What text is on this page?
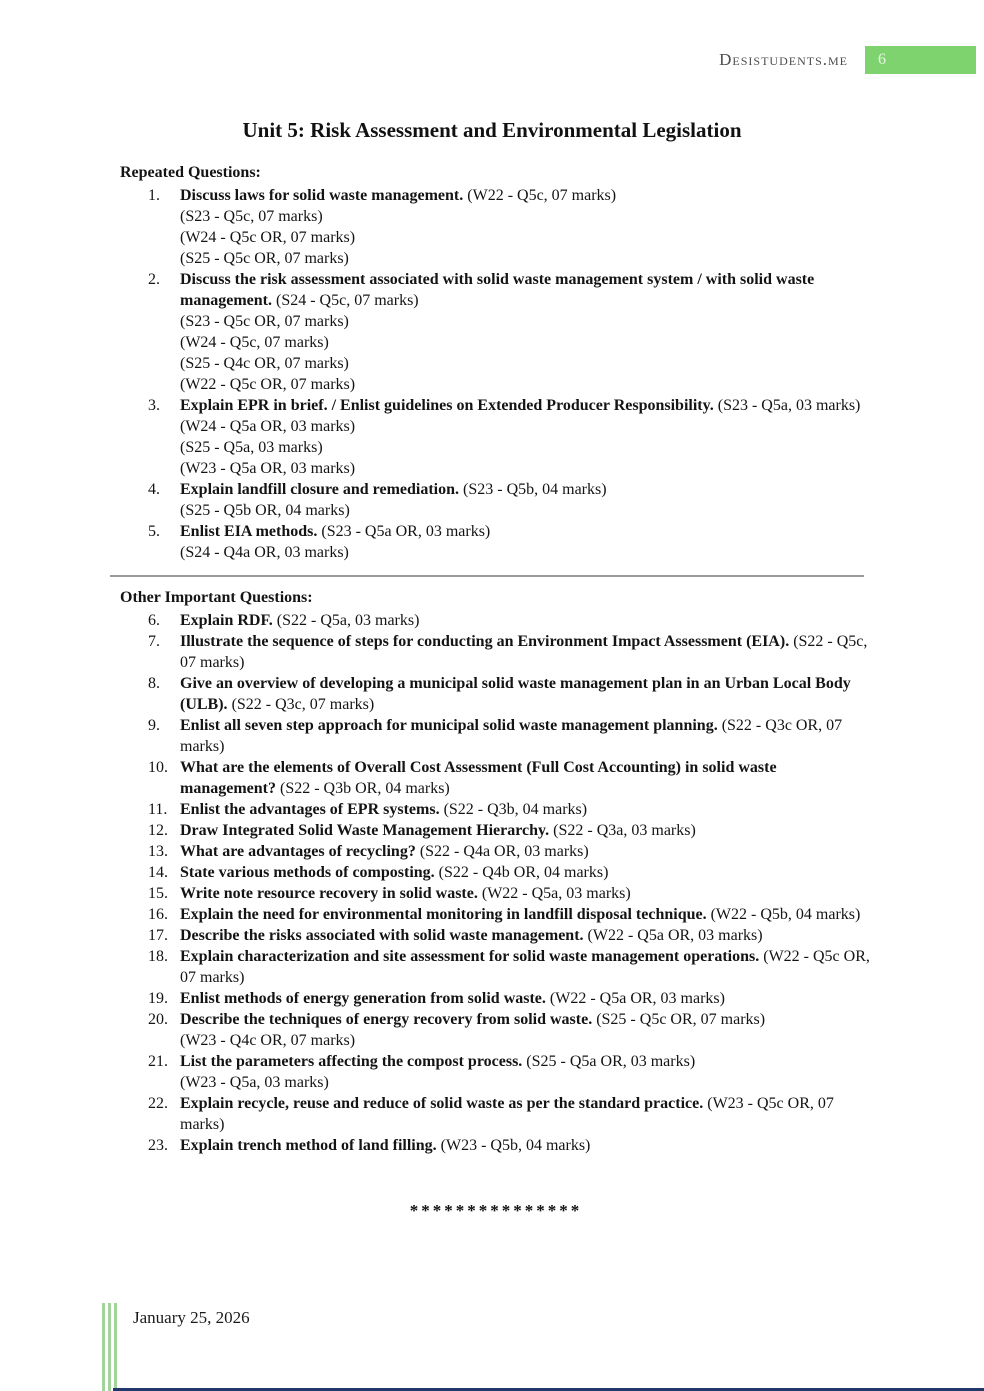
Desistudents.me	6
Unit 5: Risk Assessment and Environmental Legislation
Repeated Questions:
1.	Discuss laws for solid waste management. (W22 - Q5c, 07 marks)
(S23 - Q5c, 07 marks)
(W24 - Q5c OR, 07 marks)
(S25 - Q5c OR, 07 marks)
2.	Discuss the risk assessment associated with solid waste management system / with solid waste management. (S24 - Q5c, 07 marks)
(S23 - Q5c OR, 07 marks)
(W24 - Q5c, 07 marks)
(S25 - Q4c OR, 07 marks)
(W22 - Q5c OR, 07 marks)
3.	Explain EPR in brief. / Enlist guidelines on Extended Producer Responsibility. (S23 - Q5a, 03 marks)
(W24 - Q5a OR, 03 marks)
(S25 - Q5a, 03 marks)
(W23 - Q5a OR, 03 marks)
4.	Explain landfill closure and remediation. (S23 - Q5b, 04 marks)
(S25 - Q5b OR, 04 marks)
5.	Enlist EIA methods. (S23 - Q5a OR, 03 marks)
(S24 - Q4a OR, 03 marks)
Other Important Questions:
6.	Explain RDF. (S22 - Q5a, 03 marks)
7.	Illustrate the sequence of steps for conducting an Environment Impact Assessment (EIA). (S22 - Q5c, 07 marks)
8.	Give an overview of developing a municipal solid waste management plan in an Urban Local Body (ULB). (S22 - Q3c, 07 marks)
9.	Enlist all seven step approach for municipal solid waste management planning. (S22 - Q3c OR, 07 marks)
10. What are the elements of Overall Cost Assessment (Full Cost Accounting) in solid waste management? (S22 - Q3b OR, 04 marks)
11. Enlist the advantages of EPR systems. (S22 - Q3b, 04 marks)
12. Draw Integrated Solid Waste Management Hierarchy. (S22 - Q3a, 03 marks)
13. What are advantages of recycling? (S22 - Q4a OR, 03 marks)
14. State various methods of composting. (S22 - Q4b OR, 04 marks)
15. Write note resource recovery in solid waste. (W22 - Q5a, 03 marks)
16. Explain the need for environmental monitoring in landfill disposal technique. (W22 - Q5b, 04 marks)
17. Describe the risks associated with solid waste management. (W22 - Q5a OR, 03 marks)
18. Explain characterization and site assessment for solid waste management operations. (W22 - Q5c OR, 07 marks)
19. Enlist methods of energy generation from solid waste. (W22 - Q5a OR, 03 marks)
20. Describe the techniques of energy recovery from solid waste. (S25 - Q5c OR, 07 marks)
(W23 - Q4c OR, 07 marks)
21. List the parameters affecting the compost process. (S25 - Q5a OR, 03 marks)
(W23 - Q5a, 03 marks)
22. Explain recycle, reuse and reduce of solid waste as per the standard practice. (W23 - Q5c OR, 07 marks)
23. Explain trench method of land filling. (W23 - Q5b, 04 marks)
***************
January 25, 2026
